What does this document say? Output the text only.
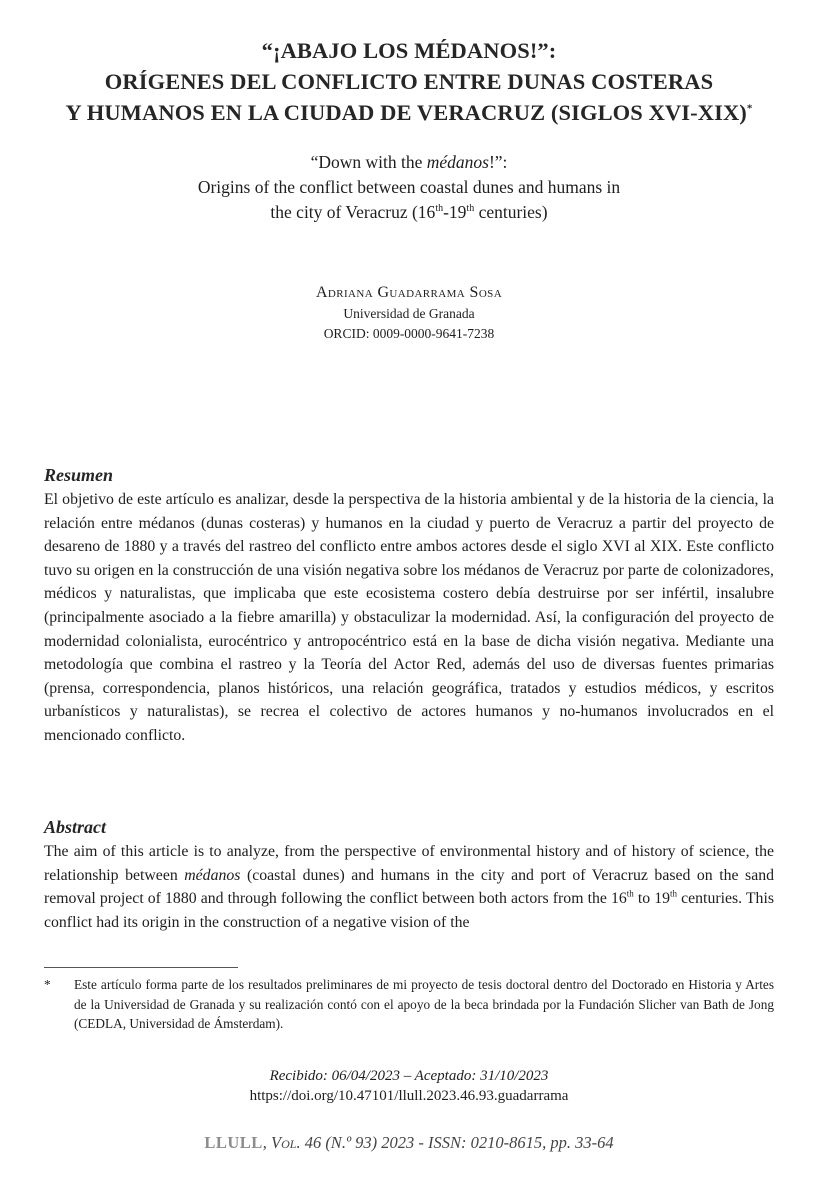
“¡ABAJO LOS MÉDANOS!”:
ORÍGENES DEL CONFLICTO ENTRE DUNAS COSTERAS
Y HUMANOS EN LA CIUDAD DE VERACRUZ (SIGLOS XVI-XIX)*
“Down with the médanos!”:
Origins of the conflict between coastal dunes and humans in
the city of Veracruz (16th-19th centuries)
Adriana Guadarrama Sosa
Universidad de Granada
ORCID: 0009-0000-9641-7238
Resumen

El objetivo de este artículo es analizar, desde la perspectiva de la historia ambiental y de la historia de la ciencia, la relación entre médanos (dunas costeras) y humanos en la ciudad y puerto de Veracruz a partir del proyecto de desareno de 1880 y a través del rastreo del conflicto entre ambos actores desde el siglo XVI al XIX. Este conflicto tuvo su origen en la construcción de una visión negativa sobre los médanos de Veracruz por parte de colonizadores, médicos y naturalistas, que implicaba que este ecosistema costero debía destruirse por ser infértil, insalubre (principalmente asociado a la fiebre amarilla) y obstaculizar la modernidad. Así, la configuración del proyecto de modernidad colonialista, eurocéntrico y antropocéntrico está en la base de dicha visión negativa. Mediante una metodología que combina el rastreo y la Teoría del Actor Red, además del uso de diversas fuentes primarias (prensa, correspondencia, planos históricos, una relación geográfica, tratados y estudios médicos, y escritos urbanísticos y naturalistas), se recrea el colectivo de actores humanos y no-humanos involucrados en el mencionado conflicto.

Abstract

The aim of this article is to analyze, from the perspective of environmental history and of history of science, the relationship between médanos (coastal dunes) and humans in the city and port of Veracruz based on the sand removal project of 1880 and through following the conflict between both actors from the 16th to 19th centuries. This conflict had its origin in the construction of a negative vision of the

*	Este artículo forma parte de los resultados preliminares de mi proyecto de tesis doctoral dentro del Doctorado en Historia y Artes de la Universidad de Granada y su realización contó con el apoyo de la beca brindada por la Fundación Slicher van Bath de Jong (CEDLA, Universidad de Ámsterdam).
Recibido: 06/04/2023 – Aceptado: 31/10/2023
https://doi.org/10.47101/llull.2023.46.93.guadarrama
LLULL, Vol. 46 (N.º 93) 2023 - ISSN: 0210-8615, pp. 33-64
